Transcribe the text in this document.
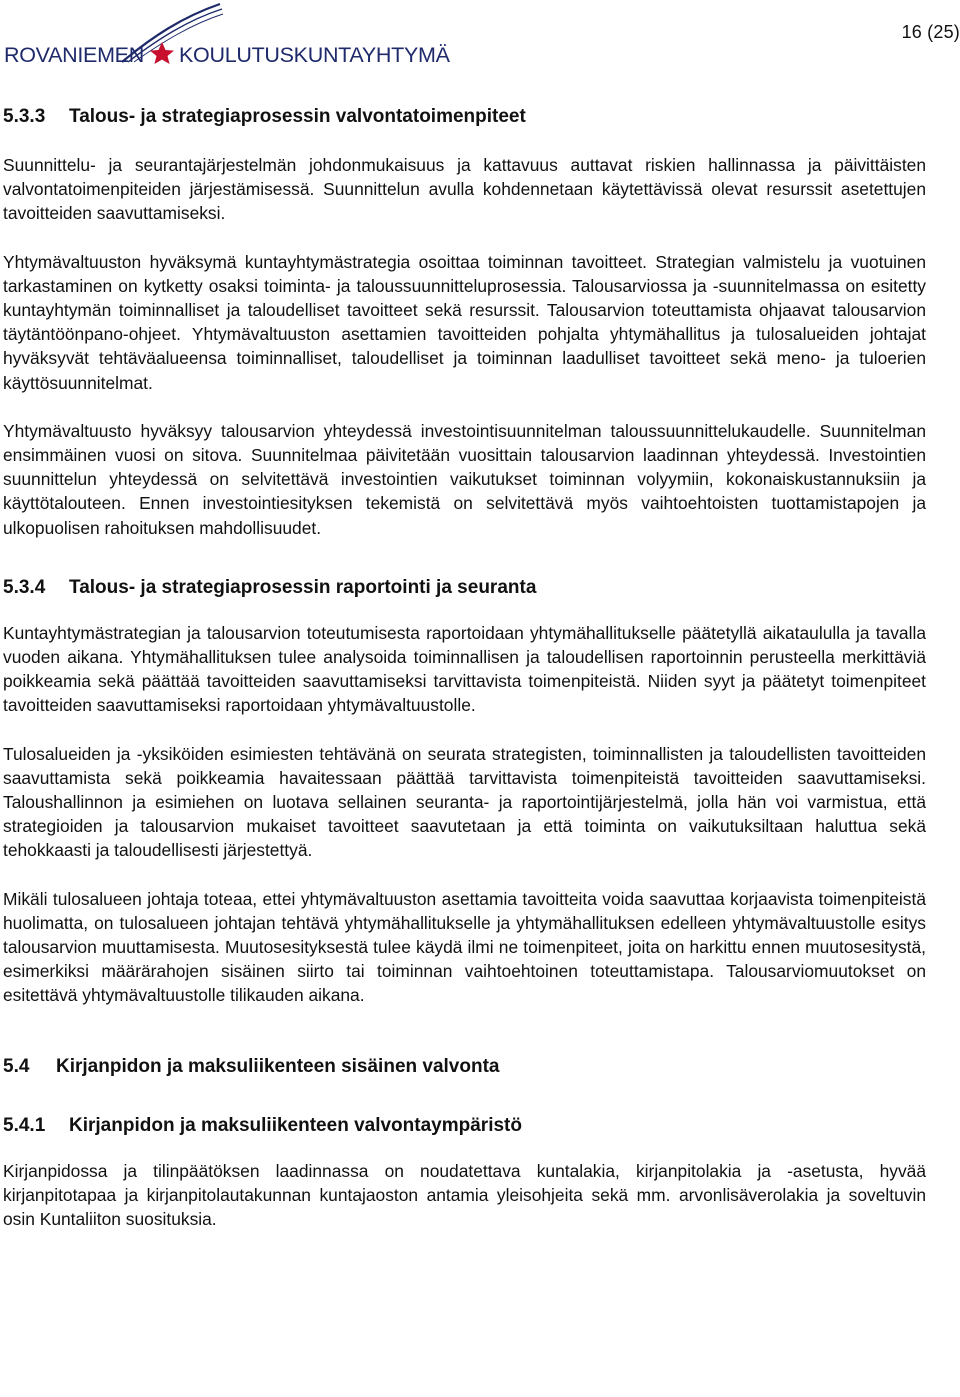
ROVANIEMEN KOULUTUSKUNTAYHTYMÄ
16 (25)
5.3.3	Talous- ja strategiaprosessin valvontatoimenpiteet

Suunnittelu- ja seurantajärjestelmän johdonmukaisuus ja kattavuus auttavat riskien hallinnassa ja päivittäisten valvontatoimenpiteiden järjestämisessä. Suunnittelun avulla kohdennetaan käytettävissä olevat resurssit asetettujen tavoitteiden saavuttamiseksi.

Yhtymävaltuuston hyväksymä kuntayhtymästrategia osoittaa toiminnan tavoitteet. Strategian valmistelu ja vuotuinen tarkastaminen on kytketty osaksi toiminta- ja taloussuunnitteluprosessia. Talousarviossa ja -suunnitelmassa on esitetty kuntayhtymän toiminnalliset ja taloudelliset tavoitteet sekä resurssit. Talousarvion toteuttamista ohjaavat talousarvion täytäntöönpano-ohjeet. Yhtymävaltuuston asettamien tavoitteiden pohjalta yhtymähallitus ja tulosalueiden johtajat hyväksyvät tehtäväalueensa toiminnalliset, taloudelliset ja toiminnan laadulliset tavoitteet sekä meno- ja tuloerien käyttösuunnitelmat.

Yhtymävaltuusto hyväksyy talousarvion yhteydessä investointisuunnitelman taloussuunnittelukaudelle. Suunnitelman ensimmäinen vuosi on sitova. Suunnitelmaa päivitetään vuosittain talousarvion laadinnan yhteydessä. Investointien suunnittelun yhteydessä on selvitettävä investointien vaikutukset toiminnan volyymiin, kokonaiskustannuksiin ja käyttötalouteen. Ennen investointiesityksen tekemistä on selvitettävä myös vaihtoehtoisten tuottamistapojen ja ulkopuolisen rahoituksen mahdollisuudet.

5.3.4	Talous- ja strategiaprosessin raportointi ja seuranta

Kuntayhtymästrategian ja talousarvion toteutumisesta raportoidaan yhtymähallitukselle päätetyllä aikataululla ja tavalla vuoden aikana. Yhtymähallituksen tulee analysoida toiminnallisen ja taloudellisen raportoinnin perusteella merkittäviä poikkeamia sekä päättää tavoitteiden saavuttamiseksi tarvittavista toimenpiteistä. Niiden syyt ja päätetyt toimenpiteet tavoitteiden saavuttamiseksi raportoidaan yhtymävaltuustolle.

Tulosalueiden ja -yksiköiden esimiesten tehtävänä on seurata strategisten, toiminnallisten ja taloudellisten tavoitteiden saavuttamista sekä poikkeamia havaitessaan päättää tarvittavista toimenpiteistä tavoitteiden saavuttamiseksi. Taloushallinnon ja esimiehen on luotava sellainen seuranta- ja raportointijärjestelmä, jolla hän voi varmistua, että strategioiden ja talousarvion mukaiset tavoitteet saavutetaan ja että toiminta on vaikutuksiltaan haluttua sekä tehokkaasti ja taloudellisesti järjestettyä.

Mikäli tulosalueen johtaja toteaa, ettei yhtymävaltuuston asettamia tavoitteita voida saavuttaa korjaavista toimenpiteistä huolimatta, on tulosalueen johtajan tehtävä yhtymähallitukselle ja yhtymähallituksen edelleen yhtymävaltuustolle esitys talousarvion muuttamisesta. Muutosesityksestä tulee käydä ilmi ne toimenpiteet, joita on harkittu ennen muutosesitystä, esimerkiksi määrärahojen sisäinen siirto tai toiminnan vaihtoehtoinen toteuttamistapa. Talousarviomuutokset on esitettävä yhtymävaltuustolle tilikauden aikana.

5.4	Kirjanpidon ja maksuliikenteen sisäinen valvonta
5.4.1	Kirjanpidon ja maksuliikenteen valvontaympäristö

Kirjanpidossa ja tilinpäätöksen laadinnassa on noudatettava kuntalakia, kirjanpitolakia ja -asetusta, hyvää kirjanpitotapaa ja kirjanpitolautakunnan kuntajaoston antamia yleisohjeita sekä mm. arvonlisäverolakia ja soveltuvin osin Kuntaliiton suosituksia.
